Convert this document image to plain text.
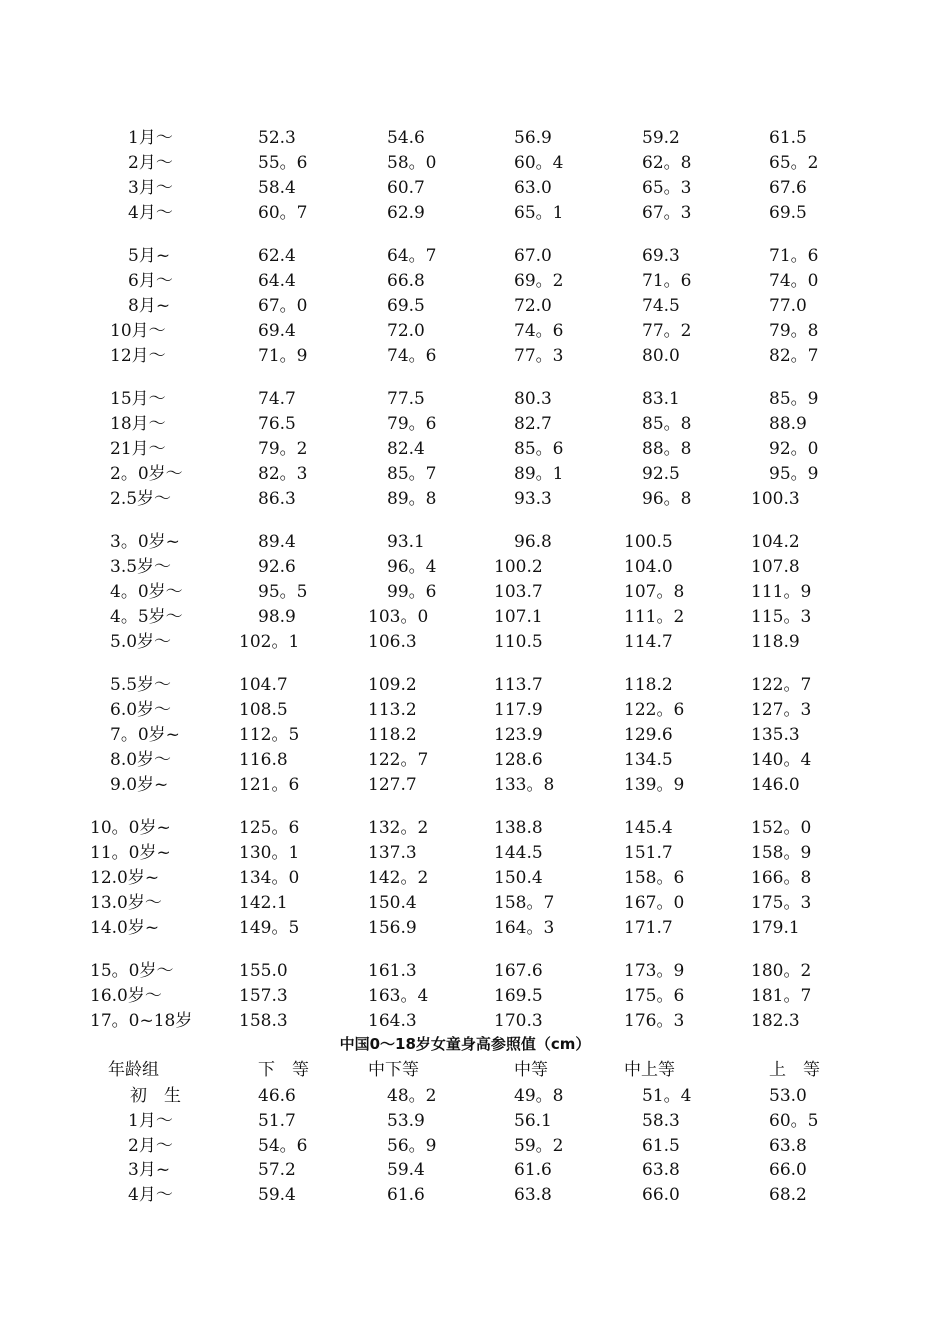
1月～	52.3	54.6	56.9	59.2	61.5
2月～	55。6	58。0	60。4	62。8	65。2
3月～	58.4	60.7	63.0	65。3	67.6
4月～	60。7	62.9	65。1	67。3	69.5
5月~	62.4	64。7	67.0	69.3	71。6
6月～	64.4	66.8	69。2	71。6	74。0
8月~	67。0	69.5	72.0	74.5	77.0
10月～	69.4	72.0	74。6	77。2	79。8
12月～	71。9	74。6	77。3	80.0	82。7
15月～	74.7	77.5	80.3	83.1	85。9
18月～	76.5	79。6	82.7	85。8	88.9
21月～	79。2	82.4	85。6	88。8	92。0
2。0岁～	82。3	85。7	89。1	92.5	95。9
2.5岁～	86.3	89。8	93.3	96。8	100.3
3。0岁~	89.4	93.1	96.8	100.5	104.2
3.5岁～	92.6	96。4	100.2	104.0	107.8
4。0岁～	95。5	99。6	103.7	107。8	111。9
4。5岁～	98.9	103。0	107.1	111。2	115。3
5.0岁～	102。1	106.3	110.5	114.7	118.9
5.5岁～	104.7	109.2	113.7	118.2	122。7
6.0岁～	108.5	113.2	117.9	122。6	127。3
7。0岁~	112。5	118.2	123.9	129.6	135.3
8.0岁～	116.8	122。7	128.6	134.5	140。4
9.0岁~	121。6	127.7	133。8	139。9	146.0
10。0岁~	125。6	132。2	138.8	145.4	152。0
11。0岁~	130。1	137.3	144.5	151.7	158。9
12.0岁~	134。0	142。2	150.4	158。6	166。8
13.0岁～	142.1	150.4	158。7	167。0	175。3
14.0岁~	149。5	156.9	164。3	171.7	179.1
15。0岁～	155.0	161.3	167.6	173。9	180。2
16.0岁～	157.3	163。4	169.5	175。6	181。7
17。0~18岁	158.3	164.3	170.3	176。3	182.3
中国0～18岁女童身高参照值（cm）
年龄组	下　等	中下等	中等	中上等	上　等
初　生	46.6	48。2	49。8	51。4	53.0
1月～	51.7	53.9	56.1	58.3	60。5
2月～	54。6	56。9	59。2	61.5	63.8
3月~	57.2	59.4	61.6	63.8	66.0
4月～	59.4	61.6	63.8	66.0	68.2
